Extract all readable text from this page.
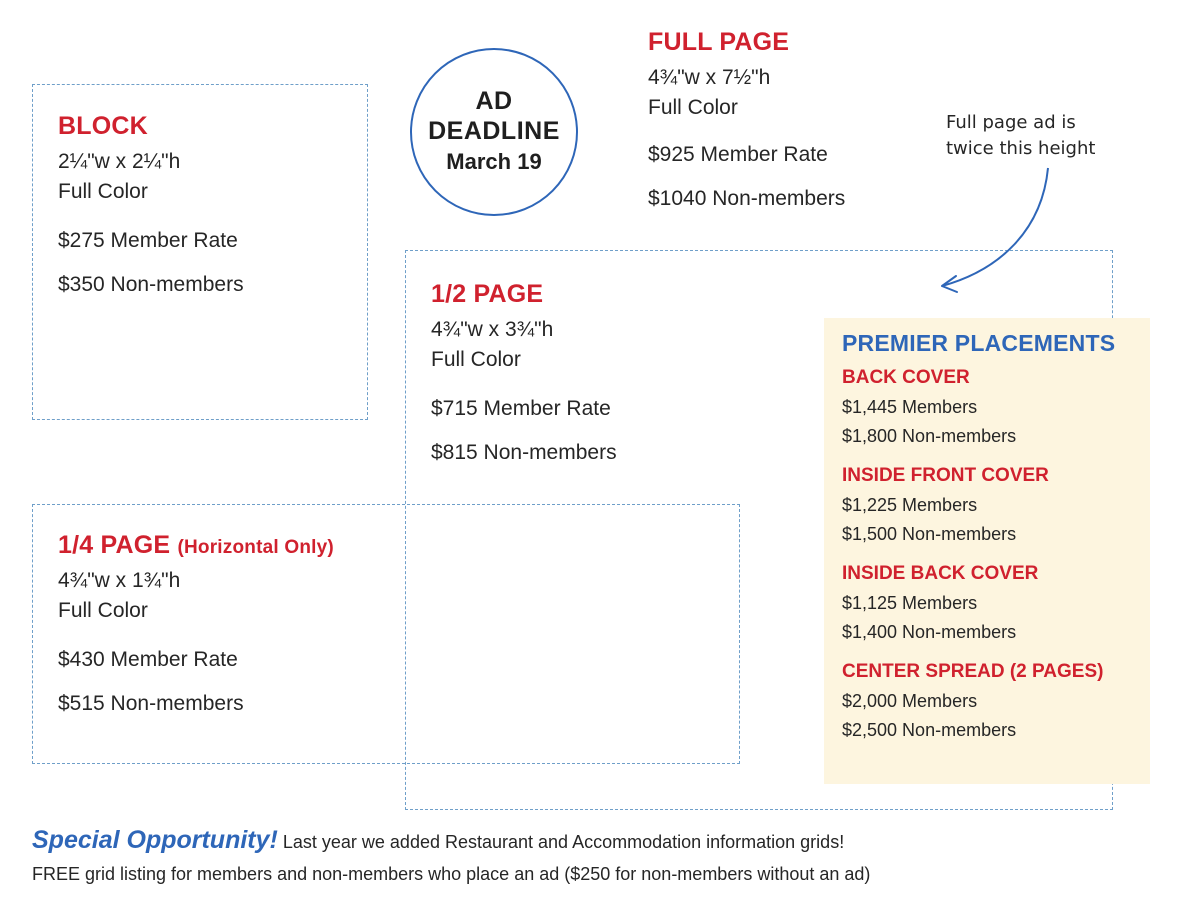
AD
DEADLINE
March 19
BLOCK
2¼"w x 2¼"h
Full Color
$275 Member Rate
$350 Non-members
FULL PAGE
4¾"w x 7½"h
Full Color
$925 Member Rate
$1040 Non-members
Full page ad is
twice this height
1/2 PAGE
4¾"w x 3¾"h
Full Color
$715 Member Rate
$815 Non-members
1/4 PAGE (Horizontal Only)
4¾"w x 1¾"h
Full Color
$430 Member Rate
$515 Non-members
PREMIER PLACEMENTS
BACK COVER
$1,445 Members
$1,800 Non-members
INSIDE FRONT COVER
$1,225 Members
$1,500 Non-members
INSIDE BACK COVER
$1,125 Members
$1,400 Non-members
CENTER SPREAD (2 PAGES)
$2,000 Members
$2,500 Non-members
Special Opportunity! Last year we added Restaurant and Accommodation information grids!
FREE grid listing for members and non-members who place an ad ($250 for non-members without an ad)
